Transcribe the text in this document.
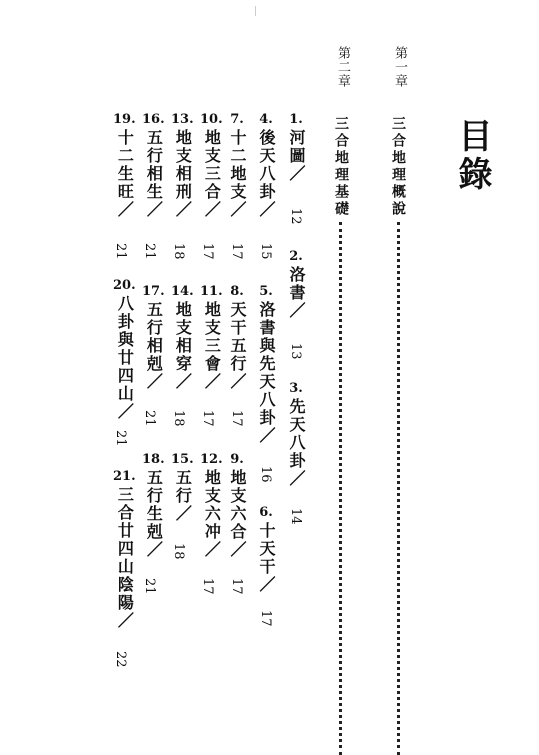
目錄
第一章
三合地理概說
第二章
三合地理基礎
1.河圖／
12
2.洛書／
13
3.先天八卦／
14
4.後天八卦／
15
5.洛書與先天八卦／
16
6.十天干／
17
7.十二地支／
17
8.天干五行／
17
9.地支六合／
17
10.地支三合／
17
11.地支三會／
17
12.地支六冲／
17
13.地支相刑／
18
14.地支相穿／
18
15.五行／
18
16.五行相生／
21
17.五行相剋／
21
18.五行生剋／
21
19.十二生旺／
21
20.八卦與廿四山／
21
21.三合廿四山陰陽／
22
